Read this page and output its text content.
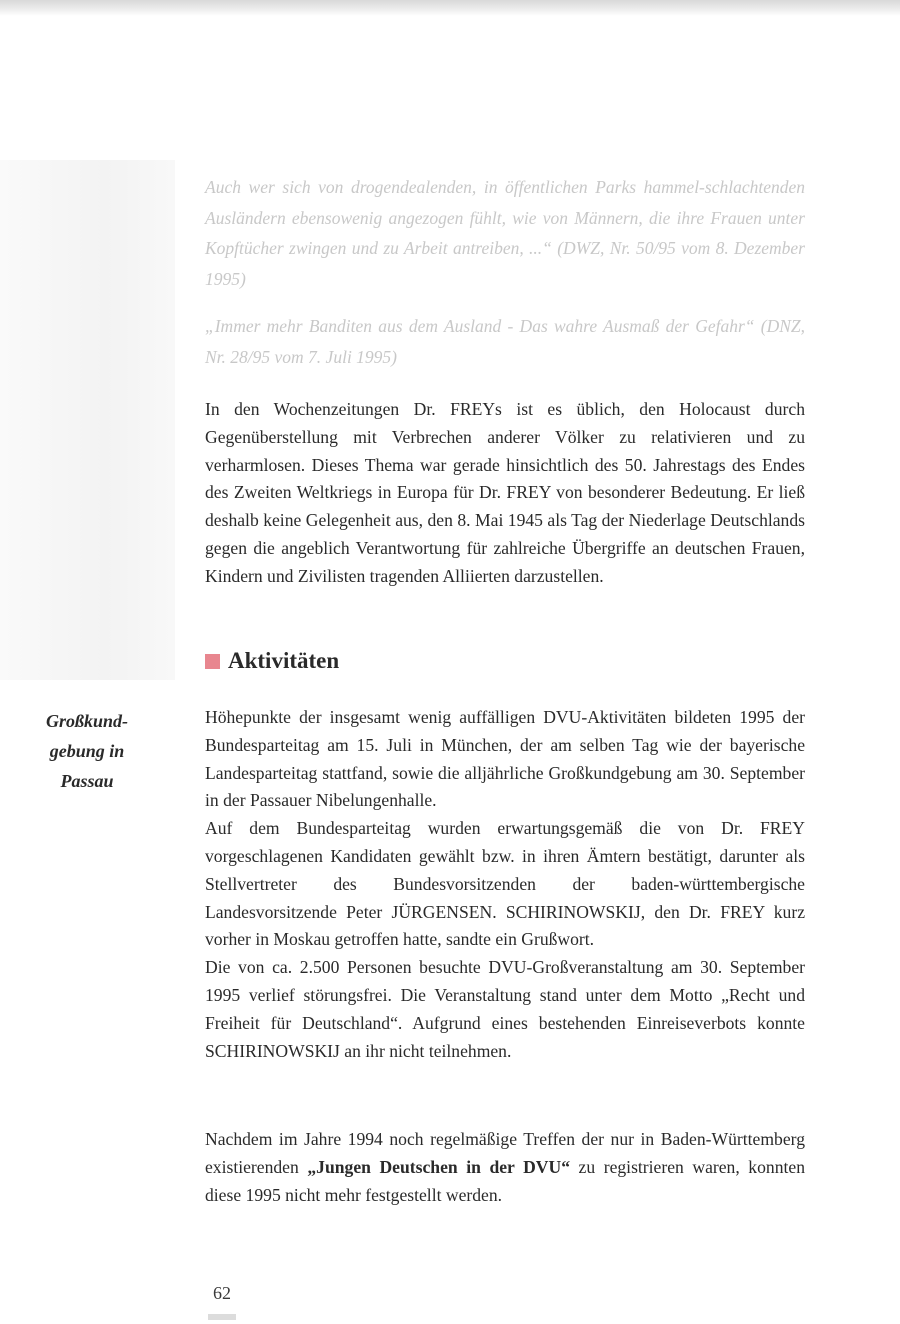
Auch wer sich von drogendealenden, in öffentlichen Parks hammel-schlachtenden Ausländern ebensowenig angezogen fühlt, wie von Männern, die ihre Frauen unter Kopftücher zwingen und zu Arbeit antreiben, ...“ (DWZ, Nr. 50/95 vom 8. Dezember 1995)

„Immer mehr Banditen aus dem Ausland - Das wahre Ausmaß der Gefahr“ (DNZ, Nr. 28/95 vom 7. Juli 1995)

In den Wochenzeitungen Dr. FREYs ist es üblich, den Holocaust durch Gegenüberstellung mit Verbrechen anderer Völker zu relativieren und zu verharmlosen. Dieses Thema war gerade hinsichtlich des 50. Jahrestags des Endes des Zweiten Weltkriegs in Europa für Dr. FREY von besonderer Bedeutung. Er ließ deshalb keine Gelegenheit aus, den 8. Mai 1945 als Tag der Niederlage Deutschlands gegen die angeblich Verantwortung für zahlreiche Übergriffe an deutschen Frauen, Kindern und Zivilisten tragenden Alliierten darzustellen.

Aktivitäten

Großkund-
gebung in
Passau

Höhepunkte der insgesamt wenig auffälligen DVU-Aktivitäten bildeten 1995 der Bundesparteitag am 15. Juli in München, der am selben Tag wie der bayerische Landesparteitag stattfand, sowie die alljährliche Großkundgebung am 30. September in der Passauer Nibelungenhalle.
Auf dem Bundesparteitag wurden erwartungsgemäß die von Dr. FREY vorgeschlagenen Kandidaten gewählt bzw. in ihren Ämtern bestätigt, darunter als Stellvertreter des Bundesvorsitzenden der baden-württembergische Landesvorsitzende Peter JÜRGENSEN. SCHIRINOWSKIJ, den Dr. FREY kurz vorher in Moskau getroffen hatte, sandte ein Grußwort.
Die von ca. 2.500 Personen besuchte DVU-Großveranstaltung am 30. September 1995 verlief störungsfrei. Die Veranstaltung stand unter dem Motto „Recht und Freiheit für Deutschland“. Aufgrund eines bestehenden Einreiseverbots konnte SCHIRINOWSKIJ an ihr nicht teilnehmen.

Nachdem im Jahre 1994 noch regelmäßige Treffen der nur in Baden-Württemberg existierenden „Jungen Deutschen in der DVU“ zu registrieren waren, konnten diese 1995 nicht mehr festgestellt werden.

62
